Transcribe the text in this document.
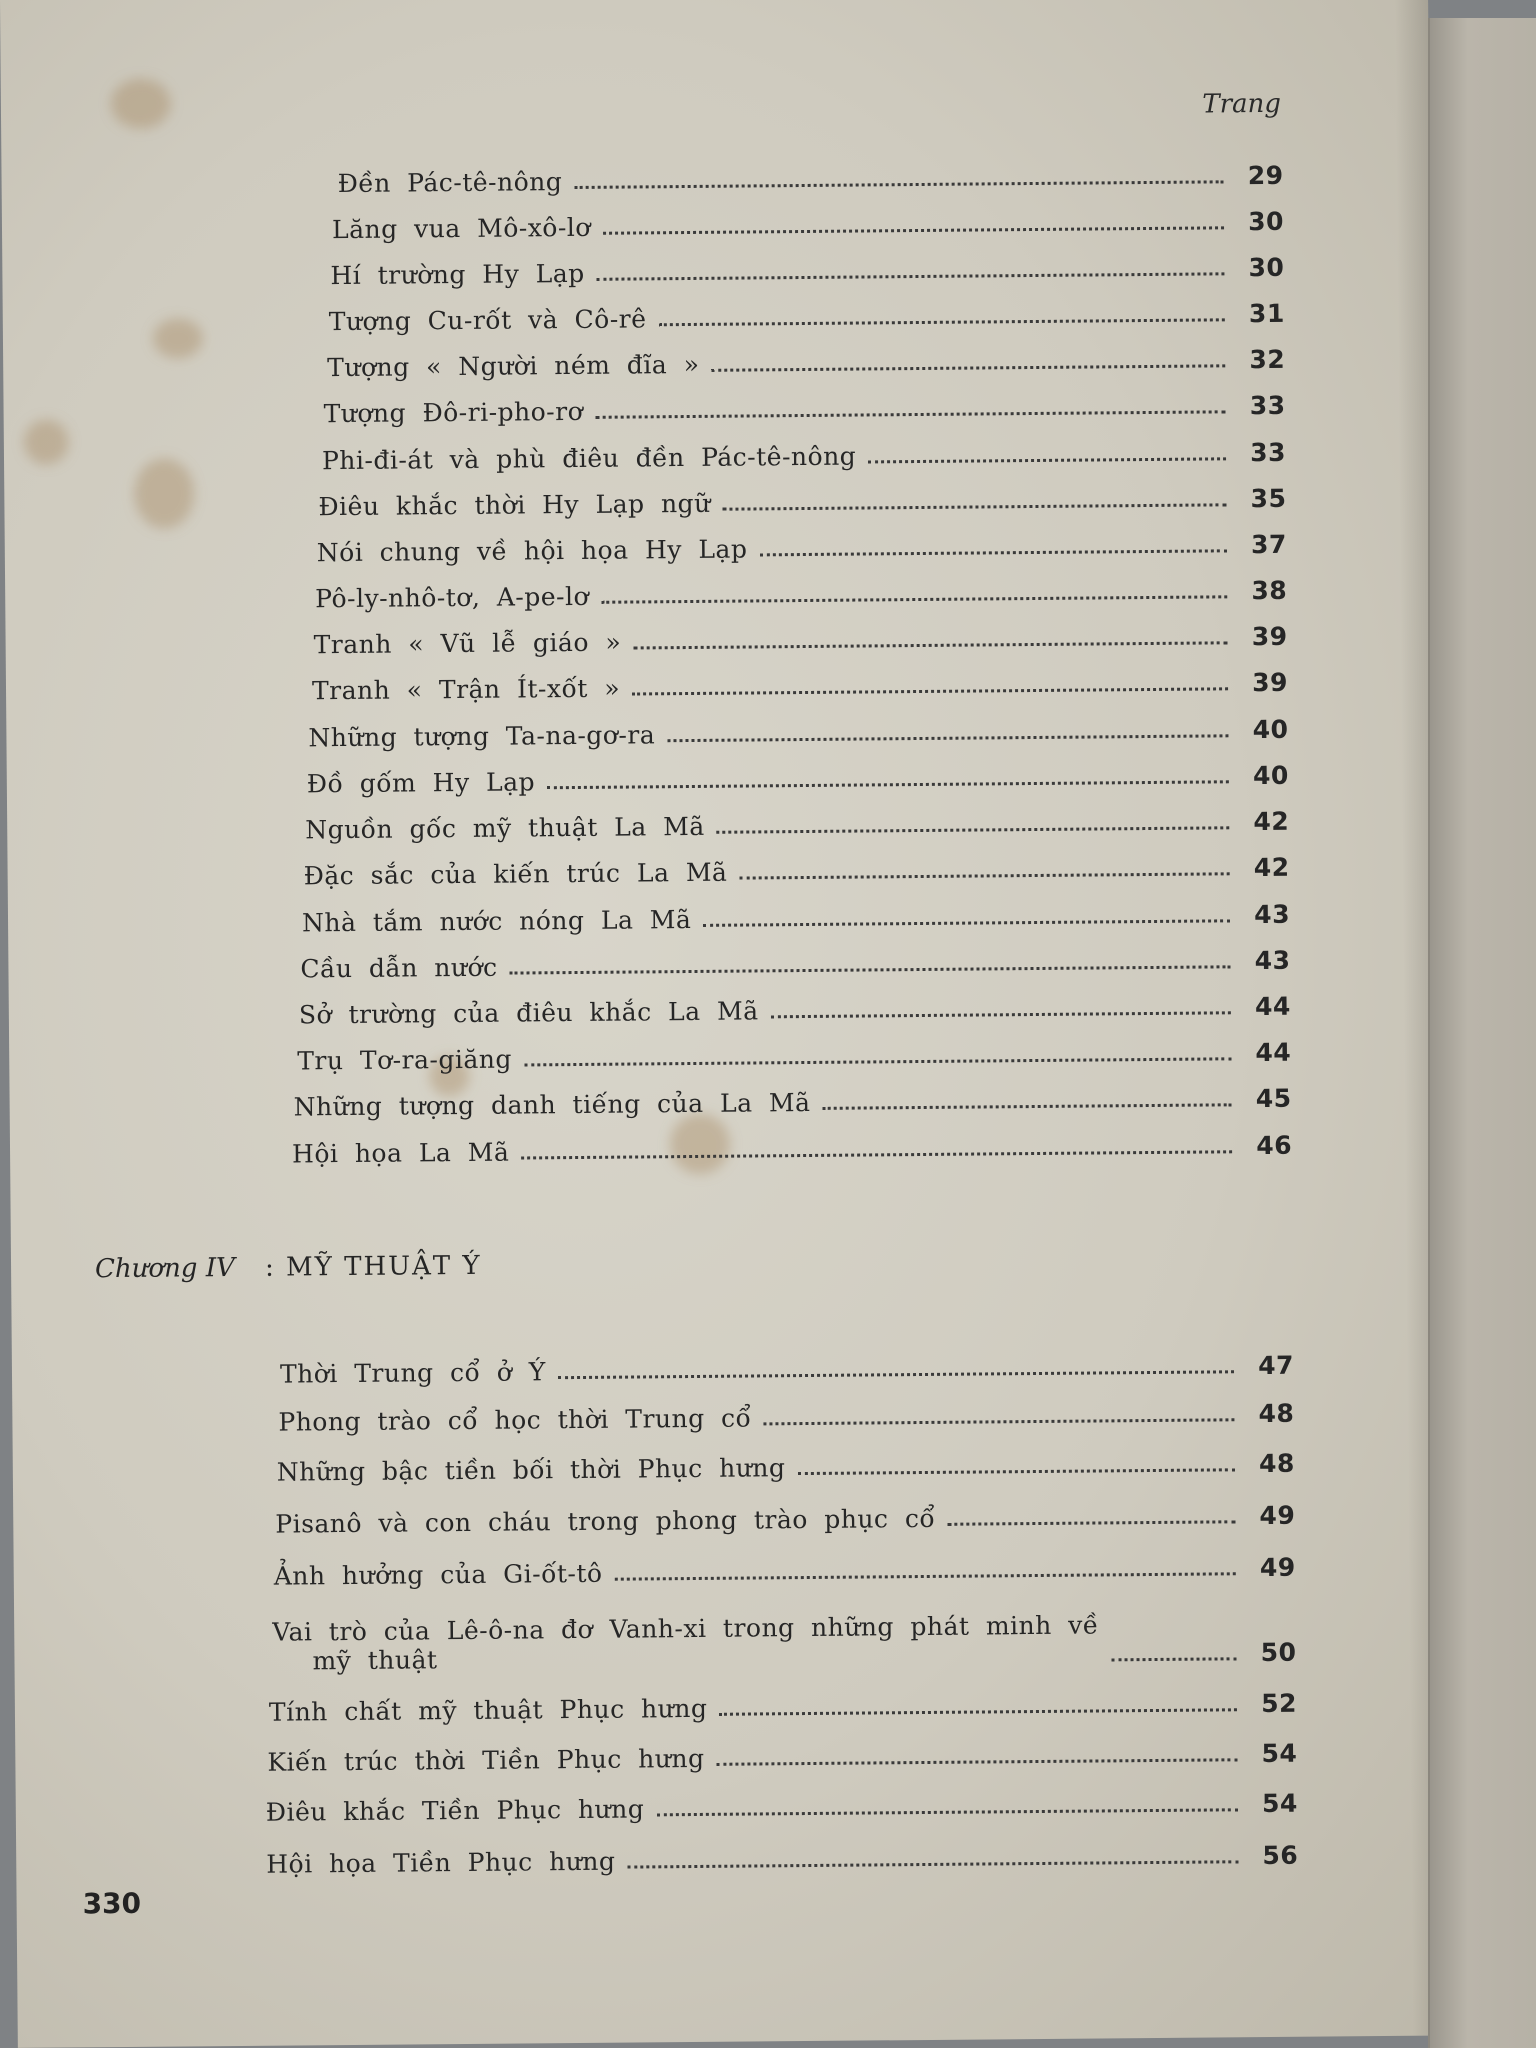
Trang
Đền Pác-tê-nông	29
Lăng vua Mô-xô-lơ	30
Hí trường Hy Lạp	30
Tượng Cu-rốt và Cô-rê	31
Tượng « Người ném đĩa »	32
Tượng Đô-ri-pho-rơ	33
Phi-đi-át và phù điêu đền Pác-tê-nông	33
Điêu khắc thời Hy Lạp ngữ	35
Nói chung về hội họa Hy Lạp	37
Pô-ly-nhô-tơ, A-pe-lơ	38
Tranh « Vũ lễ giáo »	39
Tranh « Trận Ít-xốt »	39
Những tượng Ta-na-gơ-ra	40
Đồ gốm Hy Lạp	40
Nguồn gốc mỹ thuật La Mã	42
Đặc sắc của kiến trúc La Mã	42
Nhà tắm nước nóng La Mã	43
Cầu dẫn nước	43
Sở trường của điêu khắc La Mã	44
Trụ Tơ-ra-giăng	44
Những tượng danh tiếng của La Mã	45
Hội họa La Mã	46
Chương IV : MỸ THUẬT Ý
Thời Trung cổ ở Ý	47
Phong trào cổ học thời Trung cổ	48
Những bậc tiền bối thời Phục hưng	48
Pisanô và con cháu trong phong trào phục cổ	49
Ảnh hưởng của Gi-ốt-tô	49
Vai trò của Lê-ô-na đơ Vanh-xi trong những phát minh về
mỹ thuật	50
Tính chất mỹ thuật Phục hưng	52
Kiến trúc thời Tiền Phục hưng	54
Điêu khắc Tiền Phục hưng	54
Hội họa Tiền Phục hưng	56
330
